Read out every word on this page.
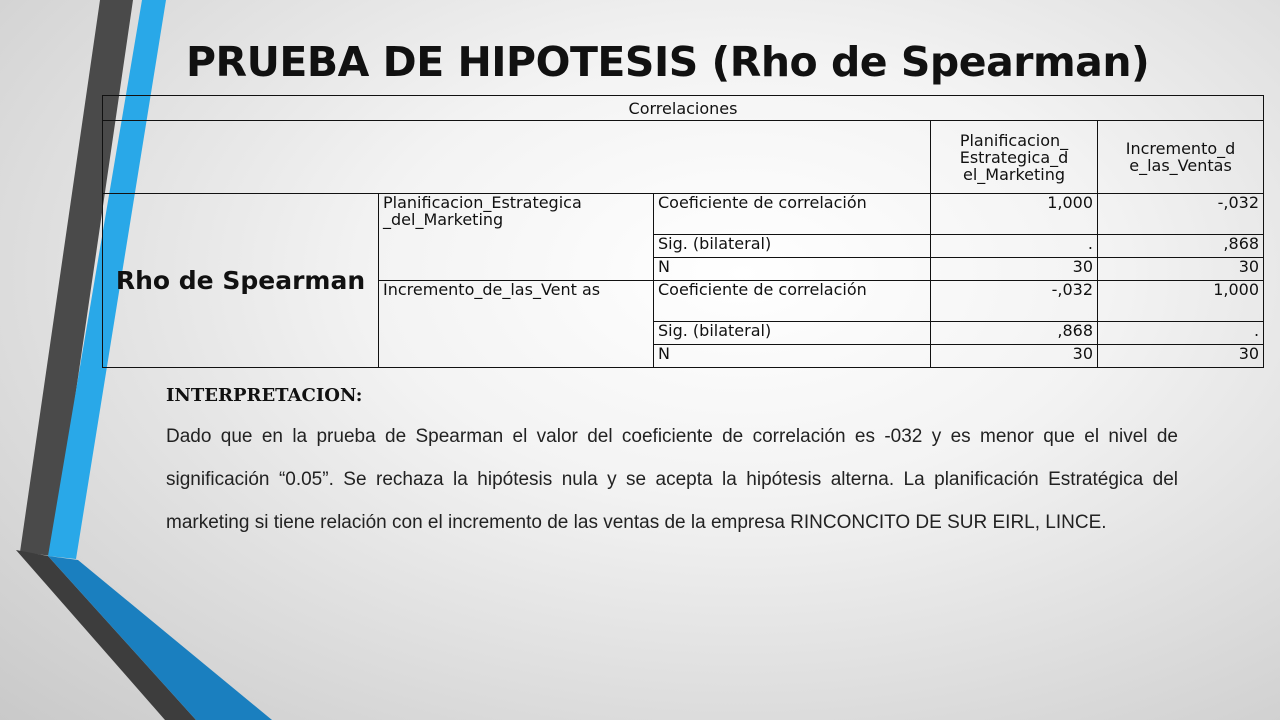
PRUEBA DE HIPOTESIS (Rho de Spearman)
Correlaciones				
			Planificacion_ Estrategica_d el_Marketing	Incremento_d e_las_Ventas
Rho de Spearman	Planificacion_Estrategica _del_Marketing	Coeficiente de correlación	1,000	-,032
		Sig. (bilateral)	.	,868
		N	30	30
	Incremento_de_las_Vent as	Coeficiente de correlación	-,032	1,000
		Sig. (bilateral)	,868	.
		N	30	30
INTERPRETACION:

Dado que en la prueba de Spearman el valor del coeficiente de correlación es -032 y es menor que el nivel de significación “0.05”. Se rechaza la hipótesis nula y se acepta la hipótesis alterna. La planificación Estratégica del marketing si tiene relación con el incremento de las ventas de la empresa RINCONCITO DE SUR EIRL, LINCE.
